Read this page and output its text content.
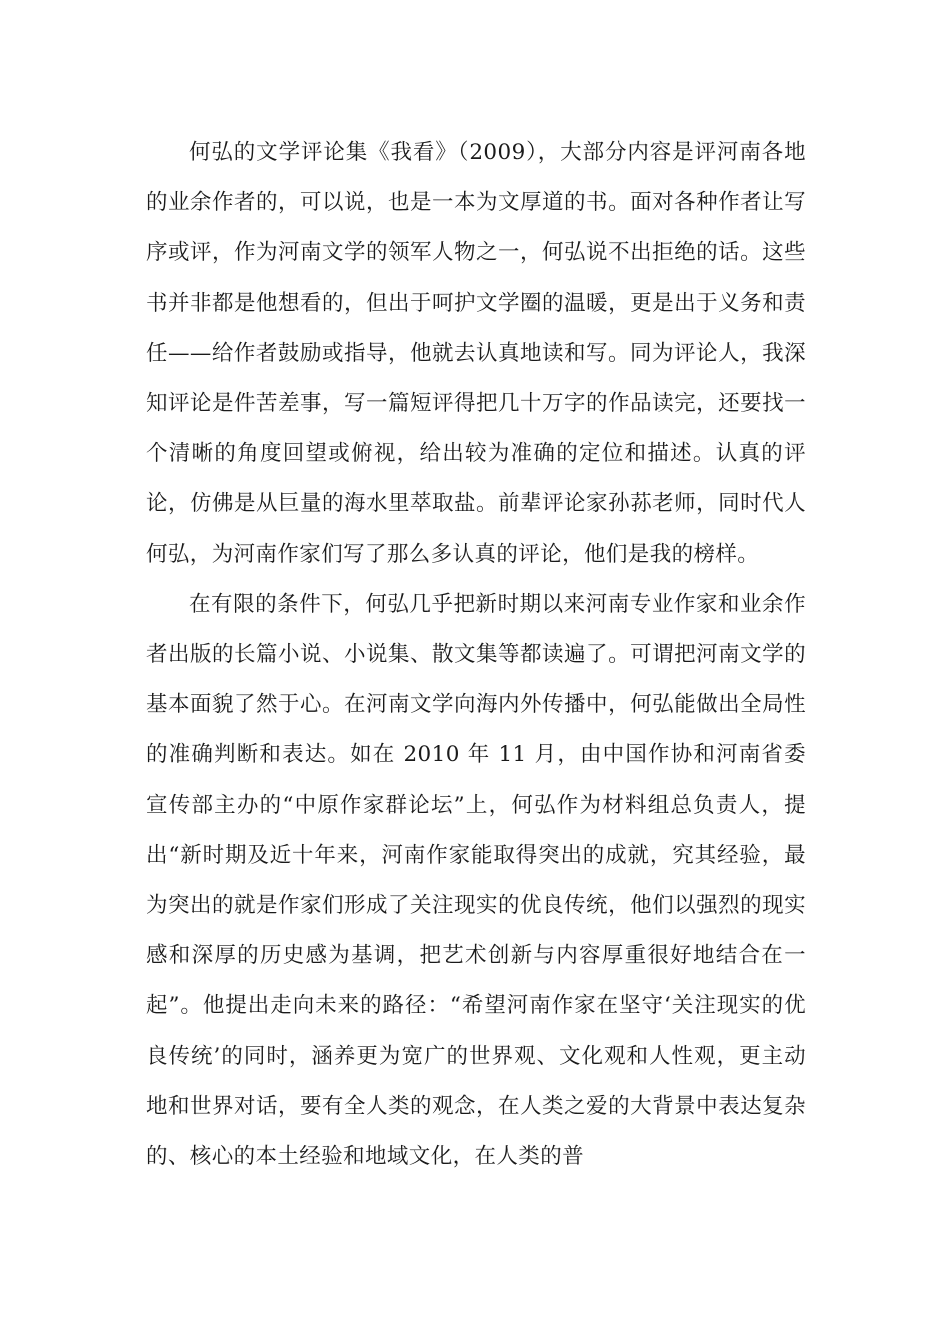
何弘的文学评论集《我看》（2009），大部分内容是评河南各地的业余作者的，可以说，也是一本为文厚道的书。面对各种作者让写序或评，作为河南文学的领军人物之一，何弘说不出拒绝的话。这些书并非都是他想看的，但出于呵护文学圈的温暖，更是出于义务和责任——给作者鼓励或指导，他就去认真地读和写。同为评论人，我深知评论是件苦差事，写一篇短评得把几十万字的作品读完，还要找一个清晰的角度回望或俯视，给出较为准确的定位和描述。认真的评论，仿佛是从巨量的海水里萃取盐。前辈评论家孙荪老师，同时代人何弘，为河南作家们写了那么多认真的评论，他们是我的榜样。

在有限的条件下，何弘几乎把新时期以来河南专业作家和业余作者出版的长篇小说、小说集、散文集等都读遍了。可谓把河南文学的基本面貌了然于心。在河南文学向海内外传播中，何弘能做出全局性的准确判断和表达。如在 2010 年 11 月，由中国作协和河南省委宣传部主办的“中原作家群论坛”上，何弘作为材料组总负责人，提出“新时期及近十年来，河南作家能取得突出的成就，究其经验，最为突出的就是作家们形成了关注现实的优良传统，他们以强烈的现实感和深厚的历史感为基调，把艺术创新与内容厚重很好地结合在一起”。他提出走向未来的路径：“希望河南作家在坚守‘关注现实的优良传统’的同时，涵养更为宽广的世界观、文化观和人性观，更主动地和世界对话，要有全人类的观念，在人类之爱的大背景中表达复杂的、核心的本土经验和地域文化，在人类的普
